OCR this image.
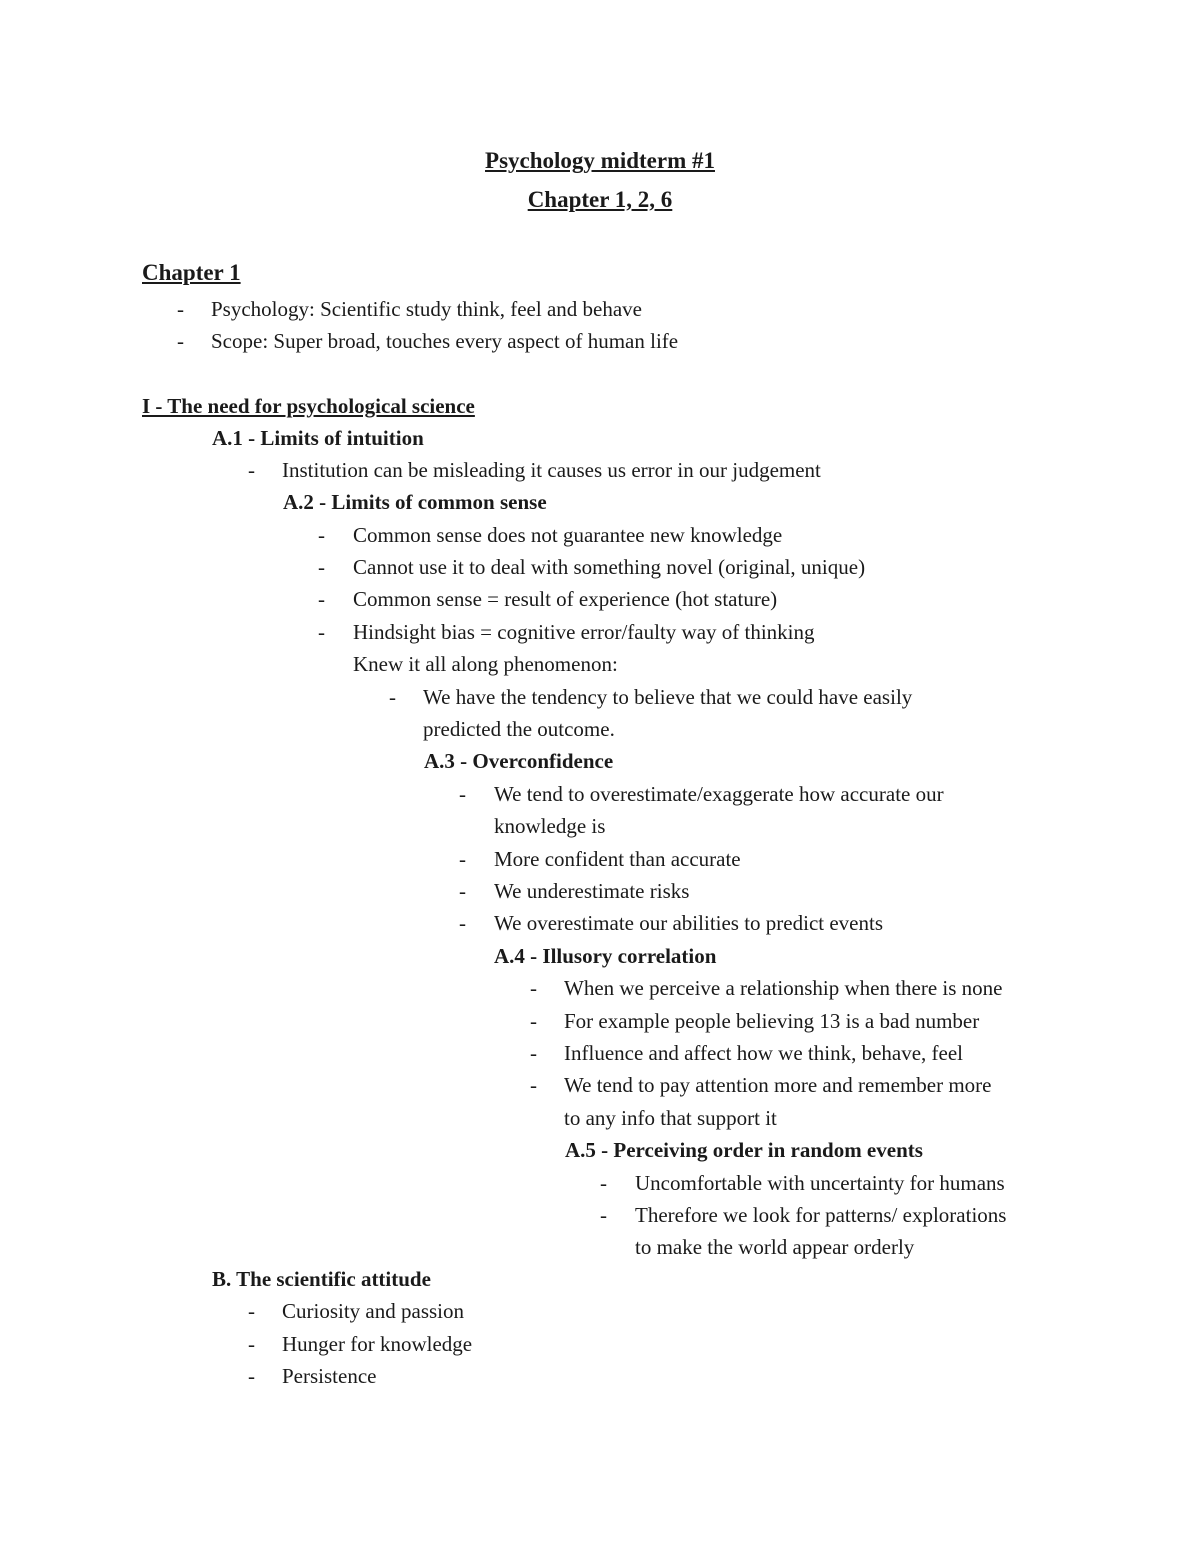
Psychology midterm #1
Chapter 1, 2, 6
Chapter 1
- Psychology: Scientific study think, feel and behave
- Scope: Super broad, touches every aspect of human life
I - The need for psychological science
A.1 - Limits of intuition
- Institution can be misleading it causes us error in our judgement
A.2 - Limits of common sense
- Common sense does not guarantee new knowledge
- Cannot use it to deal with something novel (original, unique)
- Common sense = result of experience (hot stature)
- Hindsight bias = cognitive error/faulty way of thinking
Knew it all along phenomenon:
- We have the tendency to believe that we could have easily
predicted the outcome.
A.3 - Overconfidence
- We tend to overestimate/exaggerate how accurate our
knowledge is
- More confident than accurate
- We underestimate risks
- We overestimate our abilities to predict events
A.4 - Illusory correlation
- When we perceive a relationship when there is none
- For example people believing 13 is a bad number
- Influence and affect how we think, behave, feel
- We tend to pay attention more and remember more
to any info that support it
A.5 - Perceiving order in random events
- Uncomfortable with uncertainty for humans
- Therefore we look for patterns/ explorations
to make the world appear orderly
B. The scientific attitude
- Curiosity and passion
- Hunger for knowledge
- Persistence
